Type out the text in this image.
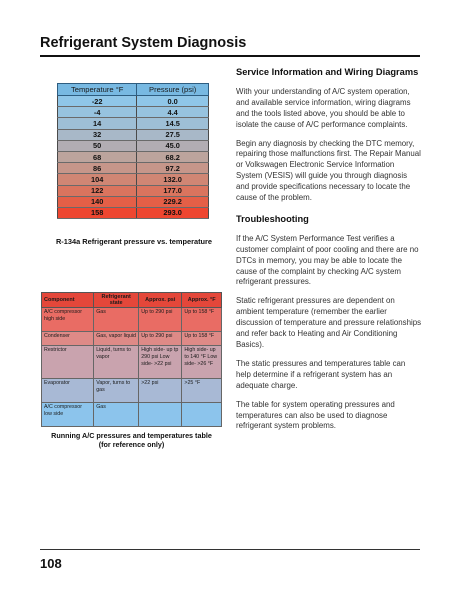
Refrigerant System Diagnosis
Temperature °F	Pressure (psi)
-22	0.0
-4	4.4
14	14.5
32	27.5
50	45.0
68	68.2
86	97.2
104	132.0
122	177.0
140	229.2
158	293.0
R-134a Refrigerant pressure vs. temperature
Component	Refrigerant state	Approx. psi	Approx. °F
A/C compressor high side	Gas	Up to 290 psi	Up to 158 °F
Condenser	Gas, vapor liquid	Up to 290 psi	Up to 158 °F
Restrictor	Liquid, turns to vapor	High side- up tp 290 psi Low side- >22 psi	High side- up to 140 °F Low side- >26 °F
Evaporator	Vapor, turns to gas	>22 psi	>25 °F
A/C compressor low side	Gas		
Running A/C pressures and temperatures table
(for reference only)
Service Information and Wiring Diagrams

With your understanding of A/C system operation, and available service information, wiring diagrams and the tools listed above, you should be able to isolate the cause of A/C performance complaints.

Begin any diagnosis by checking the DTC memory, repairing those malfunctions first. The Repair Manual or Volkswagen Electronic Service Information System (VESIS) will guide you through diagnosis and provide specifications necessary to locate the cause of the problem.

Troubleshooting

If the A/C System Performance Test verifies a customer complaint of poor cooling and there are no DTCs in memory, you may be able to locate the cause of the complaint by checking A/C system refrigerant pressures.

Static refrigerant pressures are dependent on ambient temperature (remember the earlier discussion of temperature and pressure relationships and refer back to Heating and Air Conditioning Basics).

The static pressures and temperatures table can help determine if a refrigerant system has an adequate charge.

The table for system operating pressures and temperatures can also be used to diagnose refrigerant system problems.

108
